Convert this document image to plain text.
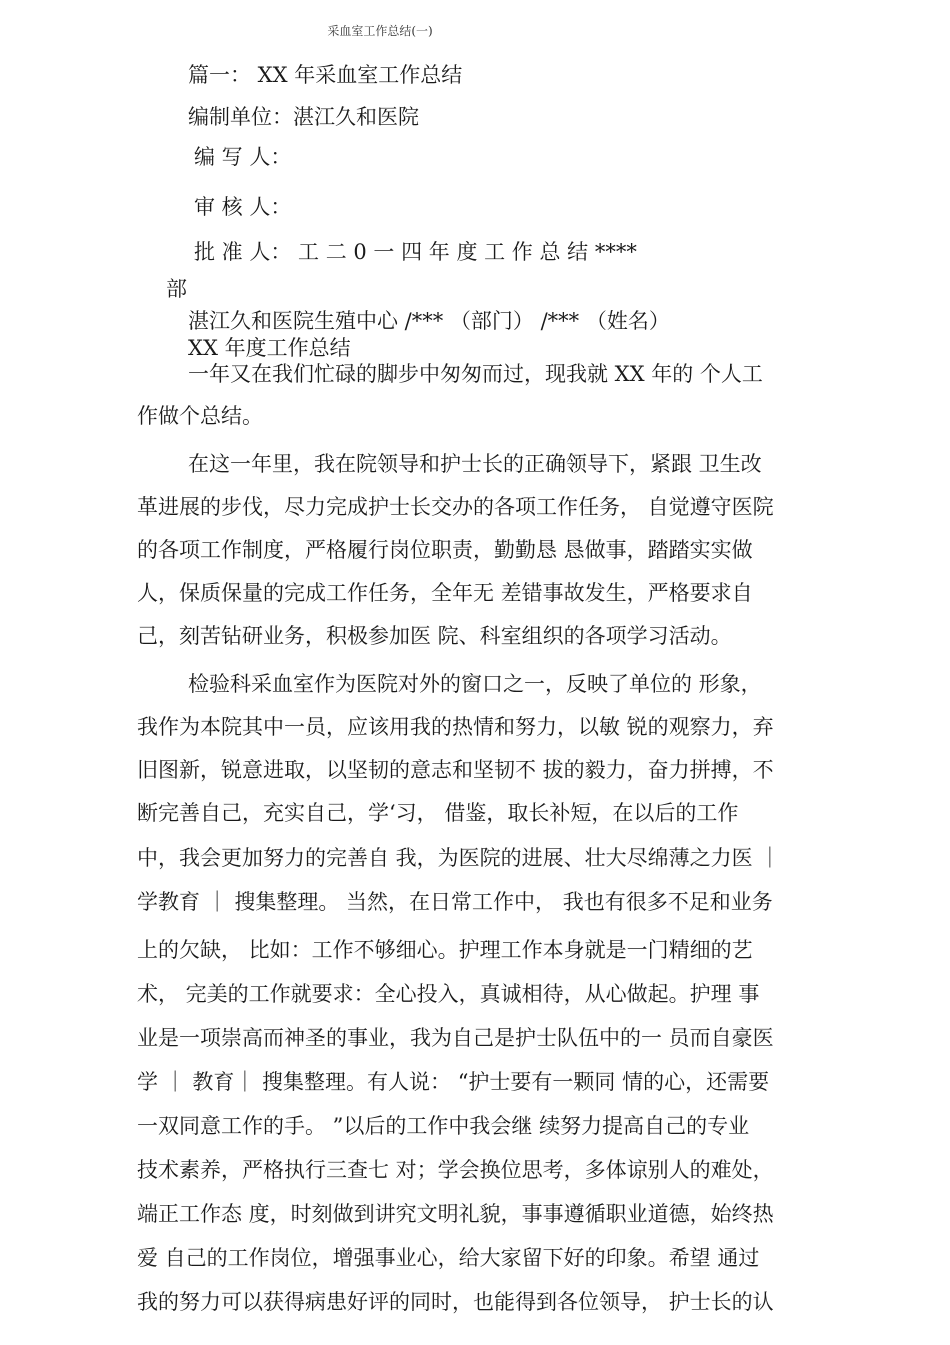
采血室工作总结(一)
篇一： XX 年采血室工作总结
编制单位：湛江久和医院
编 写 人：
审 核 人：
批 准 人： 工 二 0 一 四 年 度 工 作 总 结 ****
部
湛江久和医院生殖中心 /*** （部门） /*** （姓名）
XX 年度工作总结
一年又在我们忙碌的脚步中匆匆而过，现我就 XX 年的 个人工
作做个总结。
在这一年里，我在院领导和护士长的正确领导下，紧跟 卫生改
革进展的步伐，尽力完成护士长交办的各项工作任务， 自觉遵守医院
的各项工作制度，严格履行岗位职责，勤勤恳 恳做事，踏踏实实做
人，保质保量的完成工作任务，全年无 差错事故发生，严格要求自
己，刻苦钻研业务，积极参加医 院、科室组织的各项学习活动。
检验科采血室作为医院对外的窗口之一，反映了单位的 形象，
我作为本院其中一员，应该用我的热情和努力，以敏 锐的观察力，弃
旧图新，锐意进取，以坚韧的意志和坚韧不 拔的毅力，奋力拼搏，不
断完善自己，充实自己，学‘习， 借鉴，取长补短，在以后的工作
中，我会更加努力的完善自 我，为医院的进展、壮大尽绵薄之力医 ｜
学教育 ｜ 搜集整理。 当然，在日常工作中， 我也有很多不足和业务
上的欠缺， 比如：工作不够细心。护理工作本身就是一门精细的艺
术， 完美的工作就要求：全心投入，真诚相待，从心做起。护理 事
业是一项崇高而神圣的事业，我为自己是护士队伍中的一 员而自豪医
学 ｜ 教育｜ 搜集整理。有人说： “护士要有一颗同 情的心，还需要
一双同意工作的手。 ”以后的工作中我会继 续努力提高自己的专业
技术素养，严格执行三查七 对；学会换位思考，多体谅别人的难处，
端正工作态 度，时刻做到讲究文明礼貌，事事遵循职业道德，始终热
爱 自己的工作岗位，增强事业心，给大家留下好的印象。希望 通过
我的努力可以获得病患好评的同时，也能得到各位领导， 护士长的认
